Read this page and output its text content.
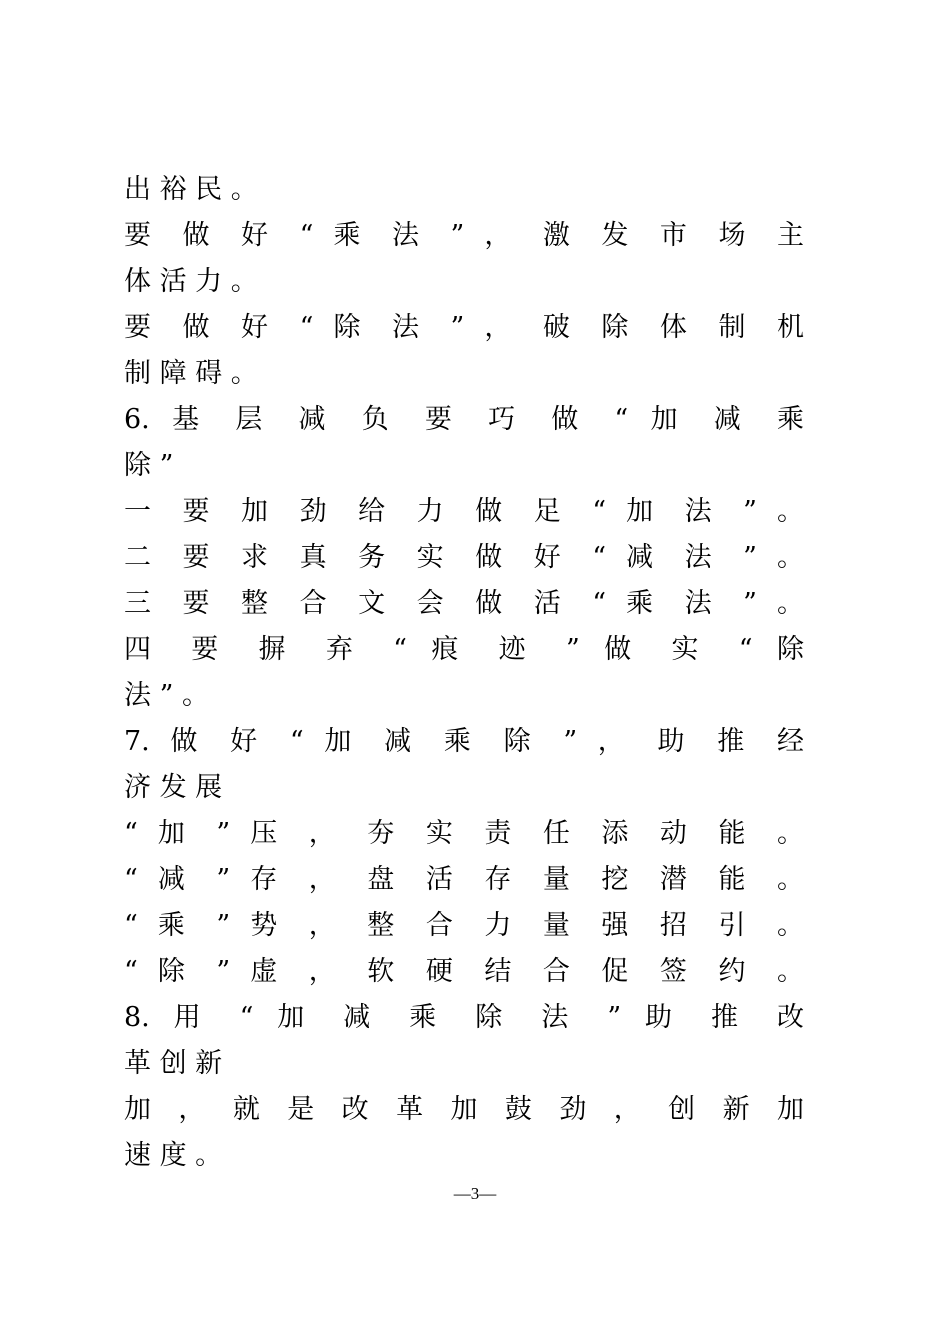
出 裕 民 。
要 做 好 “ 乘 法 ” ， 激 发 市 场 主
体 活 力 。
要 做 好 “ 除 法 ” ， 破 除 体 制 机
制 障 碍 。
6. 基 层 减 负 要 巧 做 “ 加 减 乘
除 ”
一 要 加 劲 给 力 做 足 “ 加 法 ” 。
二 要 求 真 务 实 做 好 “ 减 法 ” 。
三 要 整 合 文 会 做 活 “ 乘 法 ” 。
四 要 摒 弃 “ 痕 迹 ” 做 实 “ 除
法 ” 。
7. 做 好 “ 加 减 乘 除 ” ， 助 推 经
济 发 展
“ 加 ” 压 ， 夯 实 责 任 添 动 能 。
“ 减 ” 存 ， 盘 活 存 量 挖 潜 能 。
“ 乘 ” 势 ， 整 合 力 量 强 招 引 。
“ 除 ” 虚 ， 软 硬 结 合 促 签 约 。
8. 用 “ 加 减 乘 除 法 ” 助 推 改
革 创 新
加 ， 就 是 改 革 加 鼓 劲 ， 创 新 加
速 度 。
—3—
